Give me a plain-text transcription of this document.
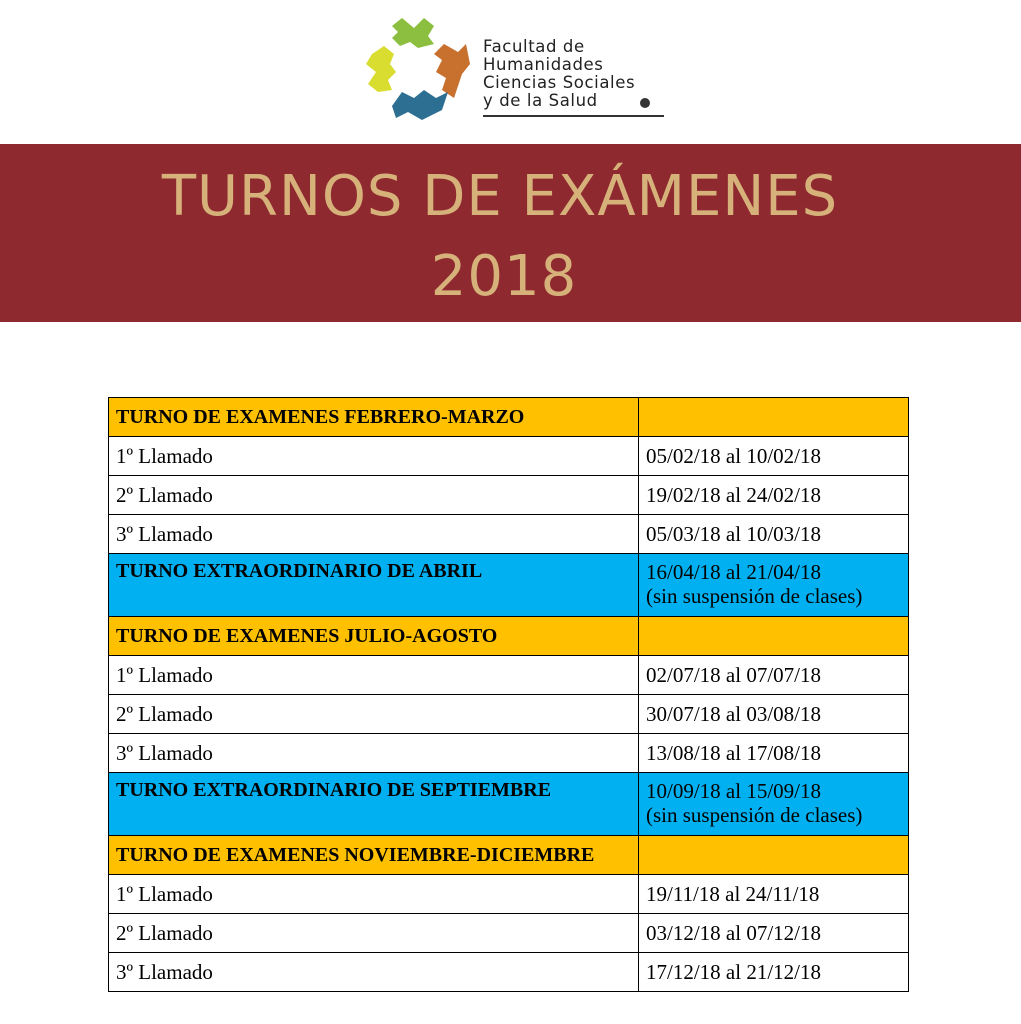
Facultad de
Humanidades
Ciencias Sociales
y de la Salud
TURNOS DE EXÁMENES
2018
TURNO DE EXAMENES FEBRERO-MARZO	
1º Llamado	05/02/18 al 10/02/18
2º Llamado	19/02/18 al 24/02/18
3º Llamado	05/03/18 al 10/03/18
TURNO EXTRAORDINARIO DE ABRIL	16/04/18 al 21/04/18
(sin suspensión de clases)

TURNO DE EXAMENES JULIO-AGOSTO	
1º Llamado	02/07/18 al 07/07/18
2º Llamado	30/07/18 al 03/08/18
3º Llamado	13/08/18 al 17/08/18
TURNO EXTRAORDINARIO DE SEPTIEMBRE	10/09/18 al 15/09/18
(sin suspensión de clases)

TURNO DE EXAMENES NOVIEMBRE-DICIEMBRE	
1º Llamado	19/11/18 al 24/11/18
2º Llamado	03/12/18 al 07/12/18
3º Llamado	17/12/18 al 21/12/18
